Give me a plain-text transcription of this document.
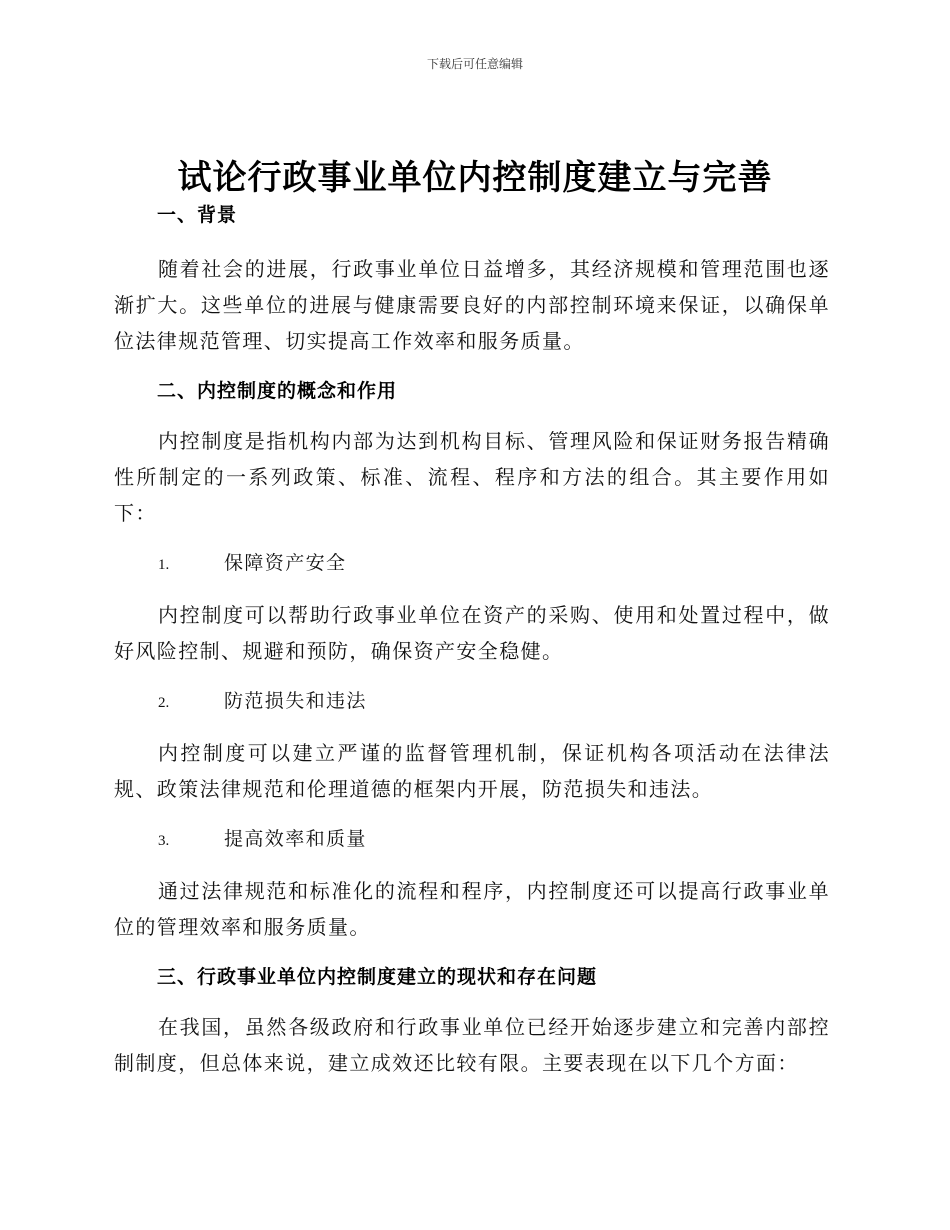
下载后可任意编辑
试论行政事业单位内控制度建立与完善

一、背景

随着社会的进展，行政事业单位日益增多，其经济规模和管理范围也逐渐扩大。这些单位的进展与健康需要良好的内部控制环境来保证，以确保单位法律规范管理、切实提高工作效率和服务质量。

二、内控制度的概念和作用

内控制度是指机构内部为达到机构目标、管理风险和保证财务报告精确性所制定的一系列政策、标准、流程、程序和方法的组合。其主要作用如下：

1.	保障资产安全

内控制度可以帮助行政事业单位在资产的采购、使用和处置过程中，做好风险控制、规避和预防，确保资产安全稳健。

2.	防范损失和违法

内控制度可以建立严谨的监督管理机制，保证机构各项活动在法律法规、政策法律规范和伦理道德的框架内开展，防范损失和违法。

3.	提高效率和质量

通过法律规范和标准化的流程和程序，内控制度还可以提高行政事业单位的管理效率和服务质量。

三、行政事业单位内控制度建立的现状和存在问题

在我国，虽然各级政府和行政事业单位已经开始逐步建立和完善内部控制制度，但总体来说，建立成效还比较有限。主要表现在以下几个方面：
